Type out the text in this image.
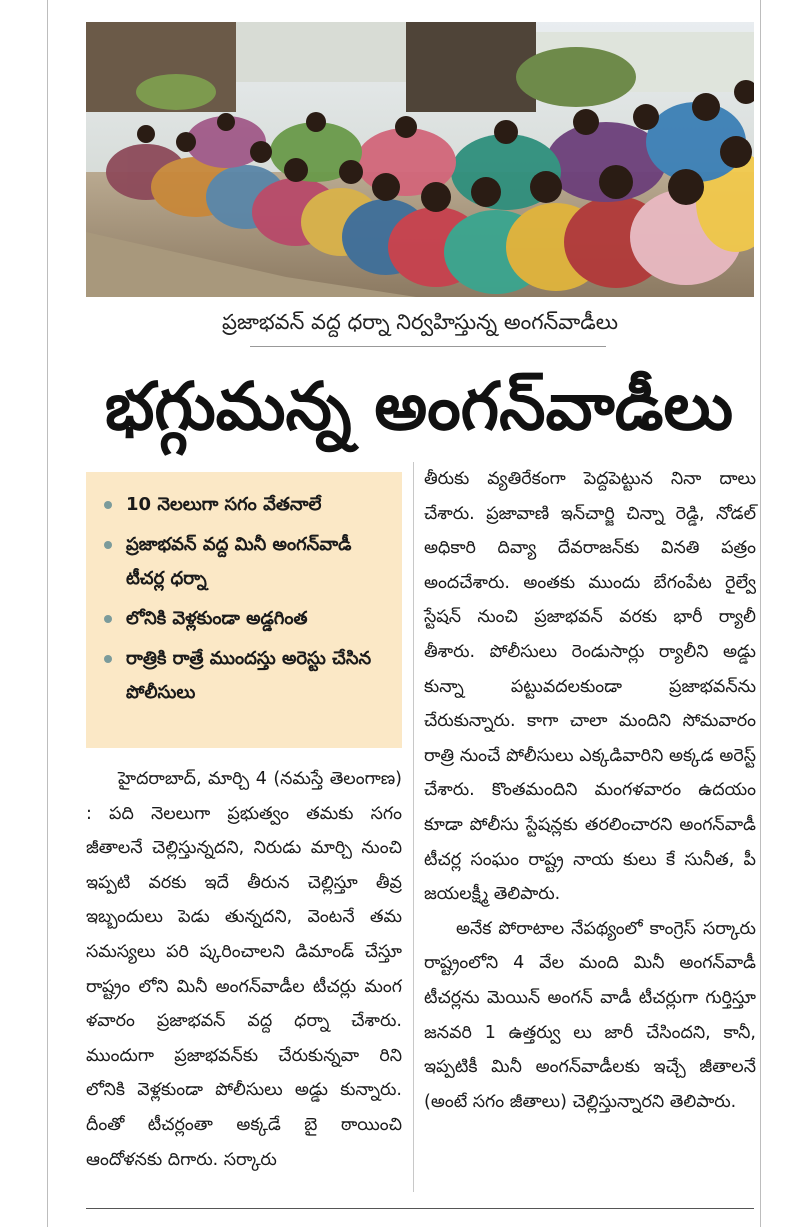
ప్రజాభవన్ వద్ద ధర్నా నిర్వహిస్తున్న అంగన్‌వాడీలు
భగ్గుమన్న అంగన్‌వాడీలు
10 నెలలుగా సగం వేతనాలే
ప్రజాభవన్ వద్ద మినీ అంగన్‌వాడీ టీచర్ల ధర్నా
లోనికి వెళ్లకుండా అడ్డగింత
రాత్రికి రాత్రే ముందస్తు అరెస్టు చేసిన పోలీసులు

హైదరాబాద్, మార్చి 4 (నమస్తే తెలంగాణ) : పది నెలలుగా ప్రభుత్వం తమకు సగం జీతాలనే చెల్లిస్తున్నదని, నిరుడు మార్చి నుంచి ఇప్పటి వరకు ఇదే తీరున చెల్లిస్తూ తీవ్ర ఇబ్బందులు పెడు తున్నదని, వెంటనే తమ సమస్యలు పరి ష్కరించాలని డిమాండ్ చేస్తూ రాష్ట్రం లోని మినీ అంగన్‌వాడీల టీచర్లు మంగ ళవారం ప్రజాభవన్ వద్ద ధర్నా చేశారు. ముందుగా ప్రజాభవన్‌కు చేరుకున్నవా రిని లోనికి వెళ్లకుండా పోలీసులు అడ్డు కున్నారు. దీంతో టీచర్లంతా అక్కడే బై ఠాయించి ఆందోళనకు దిగారు. సర్కారు

తీరుకు వ్యతిరేకంగా పెద్దపెట్టున నినా దాలు చేశారు. ప్రజావాణి ఇన్‌చార్జి చిన్నా రెడ్డి, నోడల్ అధికారి దివ్యా దేవరాజన్‌కు వినతి పత్రం అందచేశారు. అంతకు ముందు బేగంపేట రైల్వే స్టేషన్ నుంచి ప్రజాభవన్ వరకు భారీ ర్యాలీ తీశారు. పోలీసులు రెండుసార్లు ర్యాలీని అడ్డు కున్నా పట్టువదలకుండా ప్రజాభవన్‌ను చేరుకున్నారు. కాగా చాలా మందిని సోమవారం రాత్రి నుంచే పోలీసులు ఎక్కడివారిని అక్కడ అరెస్ట్ చేశారు. కొంతమందిని మంగళవారం ఉదయం కూడా పోలీసు స్టేషన్లకు తరలించారని అంగన్‌వాడీ టీచర్ల సంఘం రాష్ట్ర నాయ కులు కే సునీత, పీ జయలక్ష్మీ తెలిపారు.

అనేక పోరాటాల నేపథ్యంలో కాంగ్రెస్ సర్కారు రాష్ట్రంలోని 4 వేల మంది మినీ అంగన్‌వాడీ టీచర్లను మెయిన్ అంగన్ వాడీ టీచర్లుగా గుర్తిస్తూ జనవరి 1 ఉత్తర్వు లు జారీ చేసిందని, కానీ, ఇప్పటికీ మినీ అంగన్‌వాడీలకు ఇచ్చే జీతాలనే (అంటే సగం జీతాలు) చెల్లిస్తున్నారని తెలిపారు.
